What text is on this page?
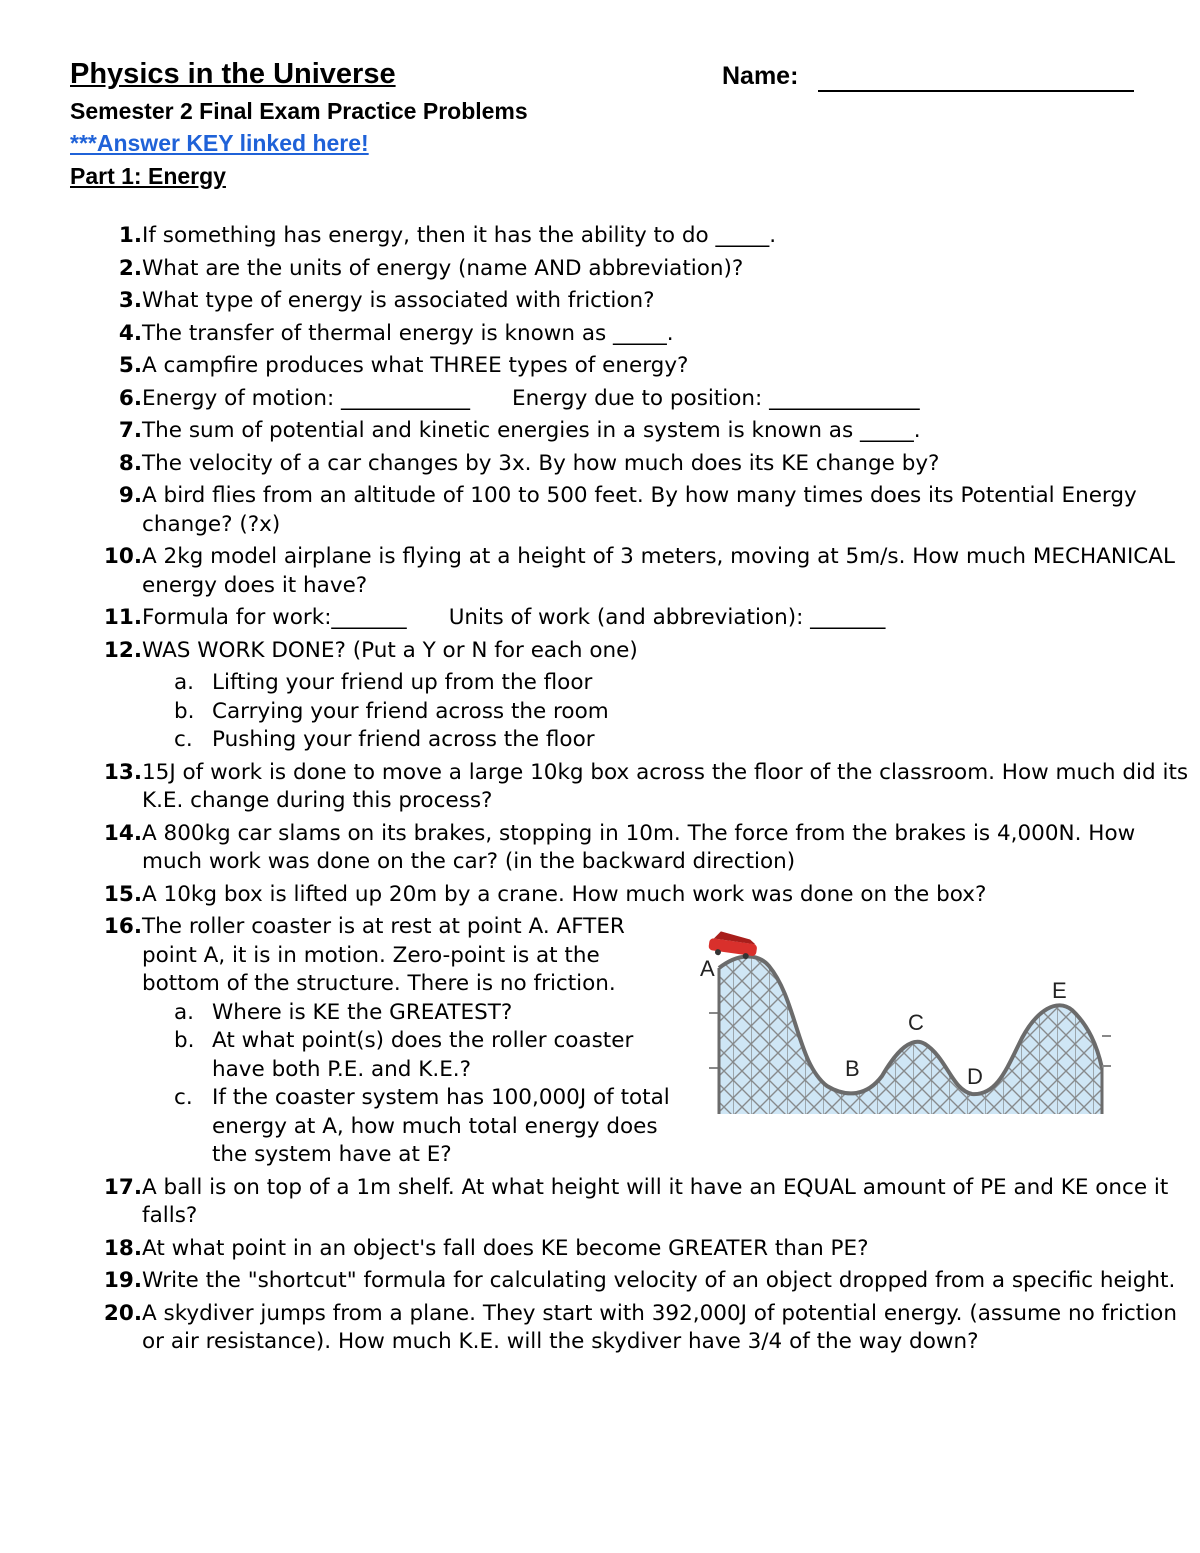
Physics in the Universe	Name:
Semester 2 Final Exam Practice Problems
***Answer KEY linked here!
Part 1: Energy
1. If something has energy, then it has the ability to do _____.
2. What are the units of energy (name AND abbreviation)?
3. What type of energy is associated with friction?
4. The transfer of thermal energy is known as _____.
5. A campfire produces what THREE types of energy?
6. Energy of motion: ____________ Energy due to position: ______________
7. The sum of potential and kinetic energies in a system is known as _____.
8. The velocity of a car changes by 3x. By how much does its KE change by?
9. A bird flies from an altitude of 100 to 500 feet. By how many times does its Potential Energy change? (?x)
10. A 2kg model airplane is flying at a height of 3 meters, moving at 5m/s. How much MECHANICAL energy does it have?
11. Formula for work:_______ Units of work (and abbreviation): _______
12. WAS WORK DONE? (Put a Y or N for each one)
a. Lifting your friend up from the floor
b. Carrying your friend across the room
c. Pushing your friend across the floor
13. 15J of work is done to move a large 10kg box across the floor of the classroom. How much did its K.E. change during this process?
14. A 800kg car slams on its brakes, stopping in 10m. The force from the brakes is 4,000N. How much work was done on the car? (in the backward direction)
15. A 10kg box is lifted up 20m by a crane. How much work was done on the box?
16. The roller coaster is at rest at point A. AFTER point A, it is in motion. Zero-point is at the bottom of the structure. There is no friction.
a. Where is KE the GREATEST?
b. At what point(s) does the roller coaster have both P.E. and K.E.?
c. If the coaster system has 100,000J of total energy at A, how much total energy does the system have at E?
17. A ball is on top of a 1m shelf. At what height will it have an EQUAL amount of PE and KE once it falls?
18. At what point in an object's fall does KE become GREATER than PE?
19. Write the "shortcut" formula for calculating velocity of an object dropped from a specific height.
20. A skydiver jumps from a plane. They start with 392,000J of potential energy. (assume no friction or air resistance). How much K.E. will the skydiver have 3/4 of the way down?
A
B
C
D
E
